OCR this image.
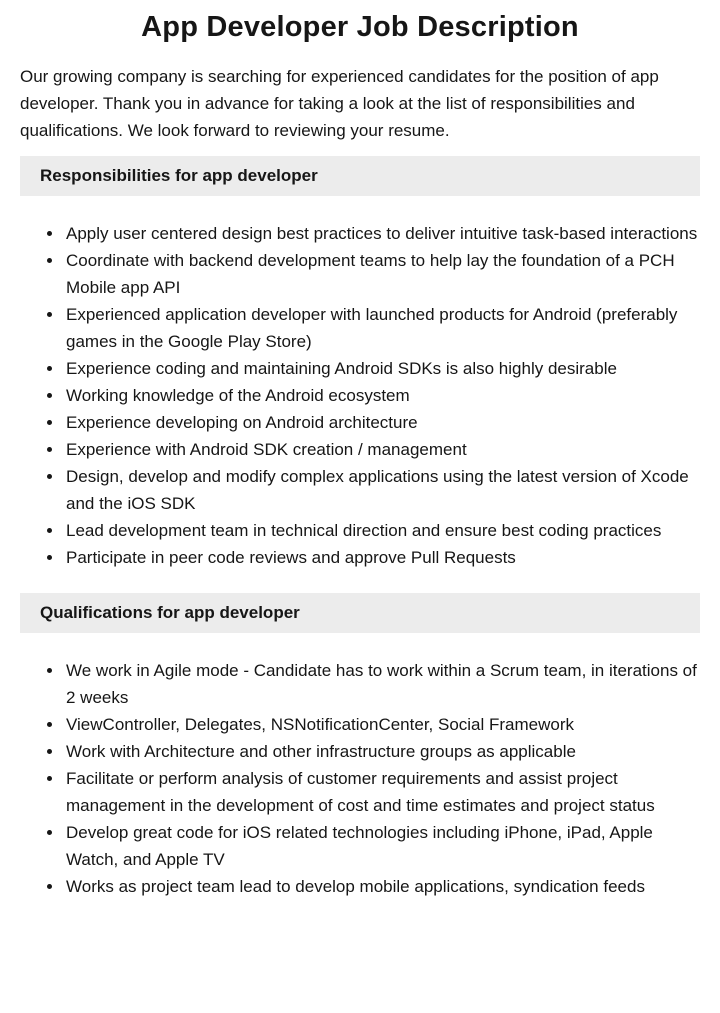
App Developer Job Description

Our growing company is searching for experienced candidates for the position of app developer. Thank you in advance for taking a look at the list of responsibilities and qualifications. We look forward to reviewing your resume.

Responsibilities for app developer
• Apply user centered design best practices to deliver intuitive task-based interactions
• Coordinate with backend development teams to help lay the foundation of a PCH Mobile app API
• Experienced application developer with launched products for Android (preferably games in the Google Play Store)
• Experience coding and maintaining Android SDKs is also highly desirable
• Working knowledge of the Android ecosystem
• Experience developing on Android architecture
• Experience with Android SDK creation / management
• Design, develop and modify complex applications using the latest version of Xcode and the iOS SDK
• Lead development team in technical direction and ensure best coding practices
• Participate in peer code reviews and approve Pull Requests
Qualifications for app developer
• We work in Agile mode - Candidate has to work within a Scrum team, in iterations of 2 weeks
• ViewController, Delegates, NSNotificationCenter, Social Framework
• Work with Architecture and other infrastructure groups as applicable
• Facilitate or perform analysis of customer requirements and assist project management in the development of cost and time estimates and project status
• Develop great code for iOS related technologies including iPhone, iPad, Apple Watch, and Apple TV
• Works as project team lead to develop mobile applications, syndication feeds
